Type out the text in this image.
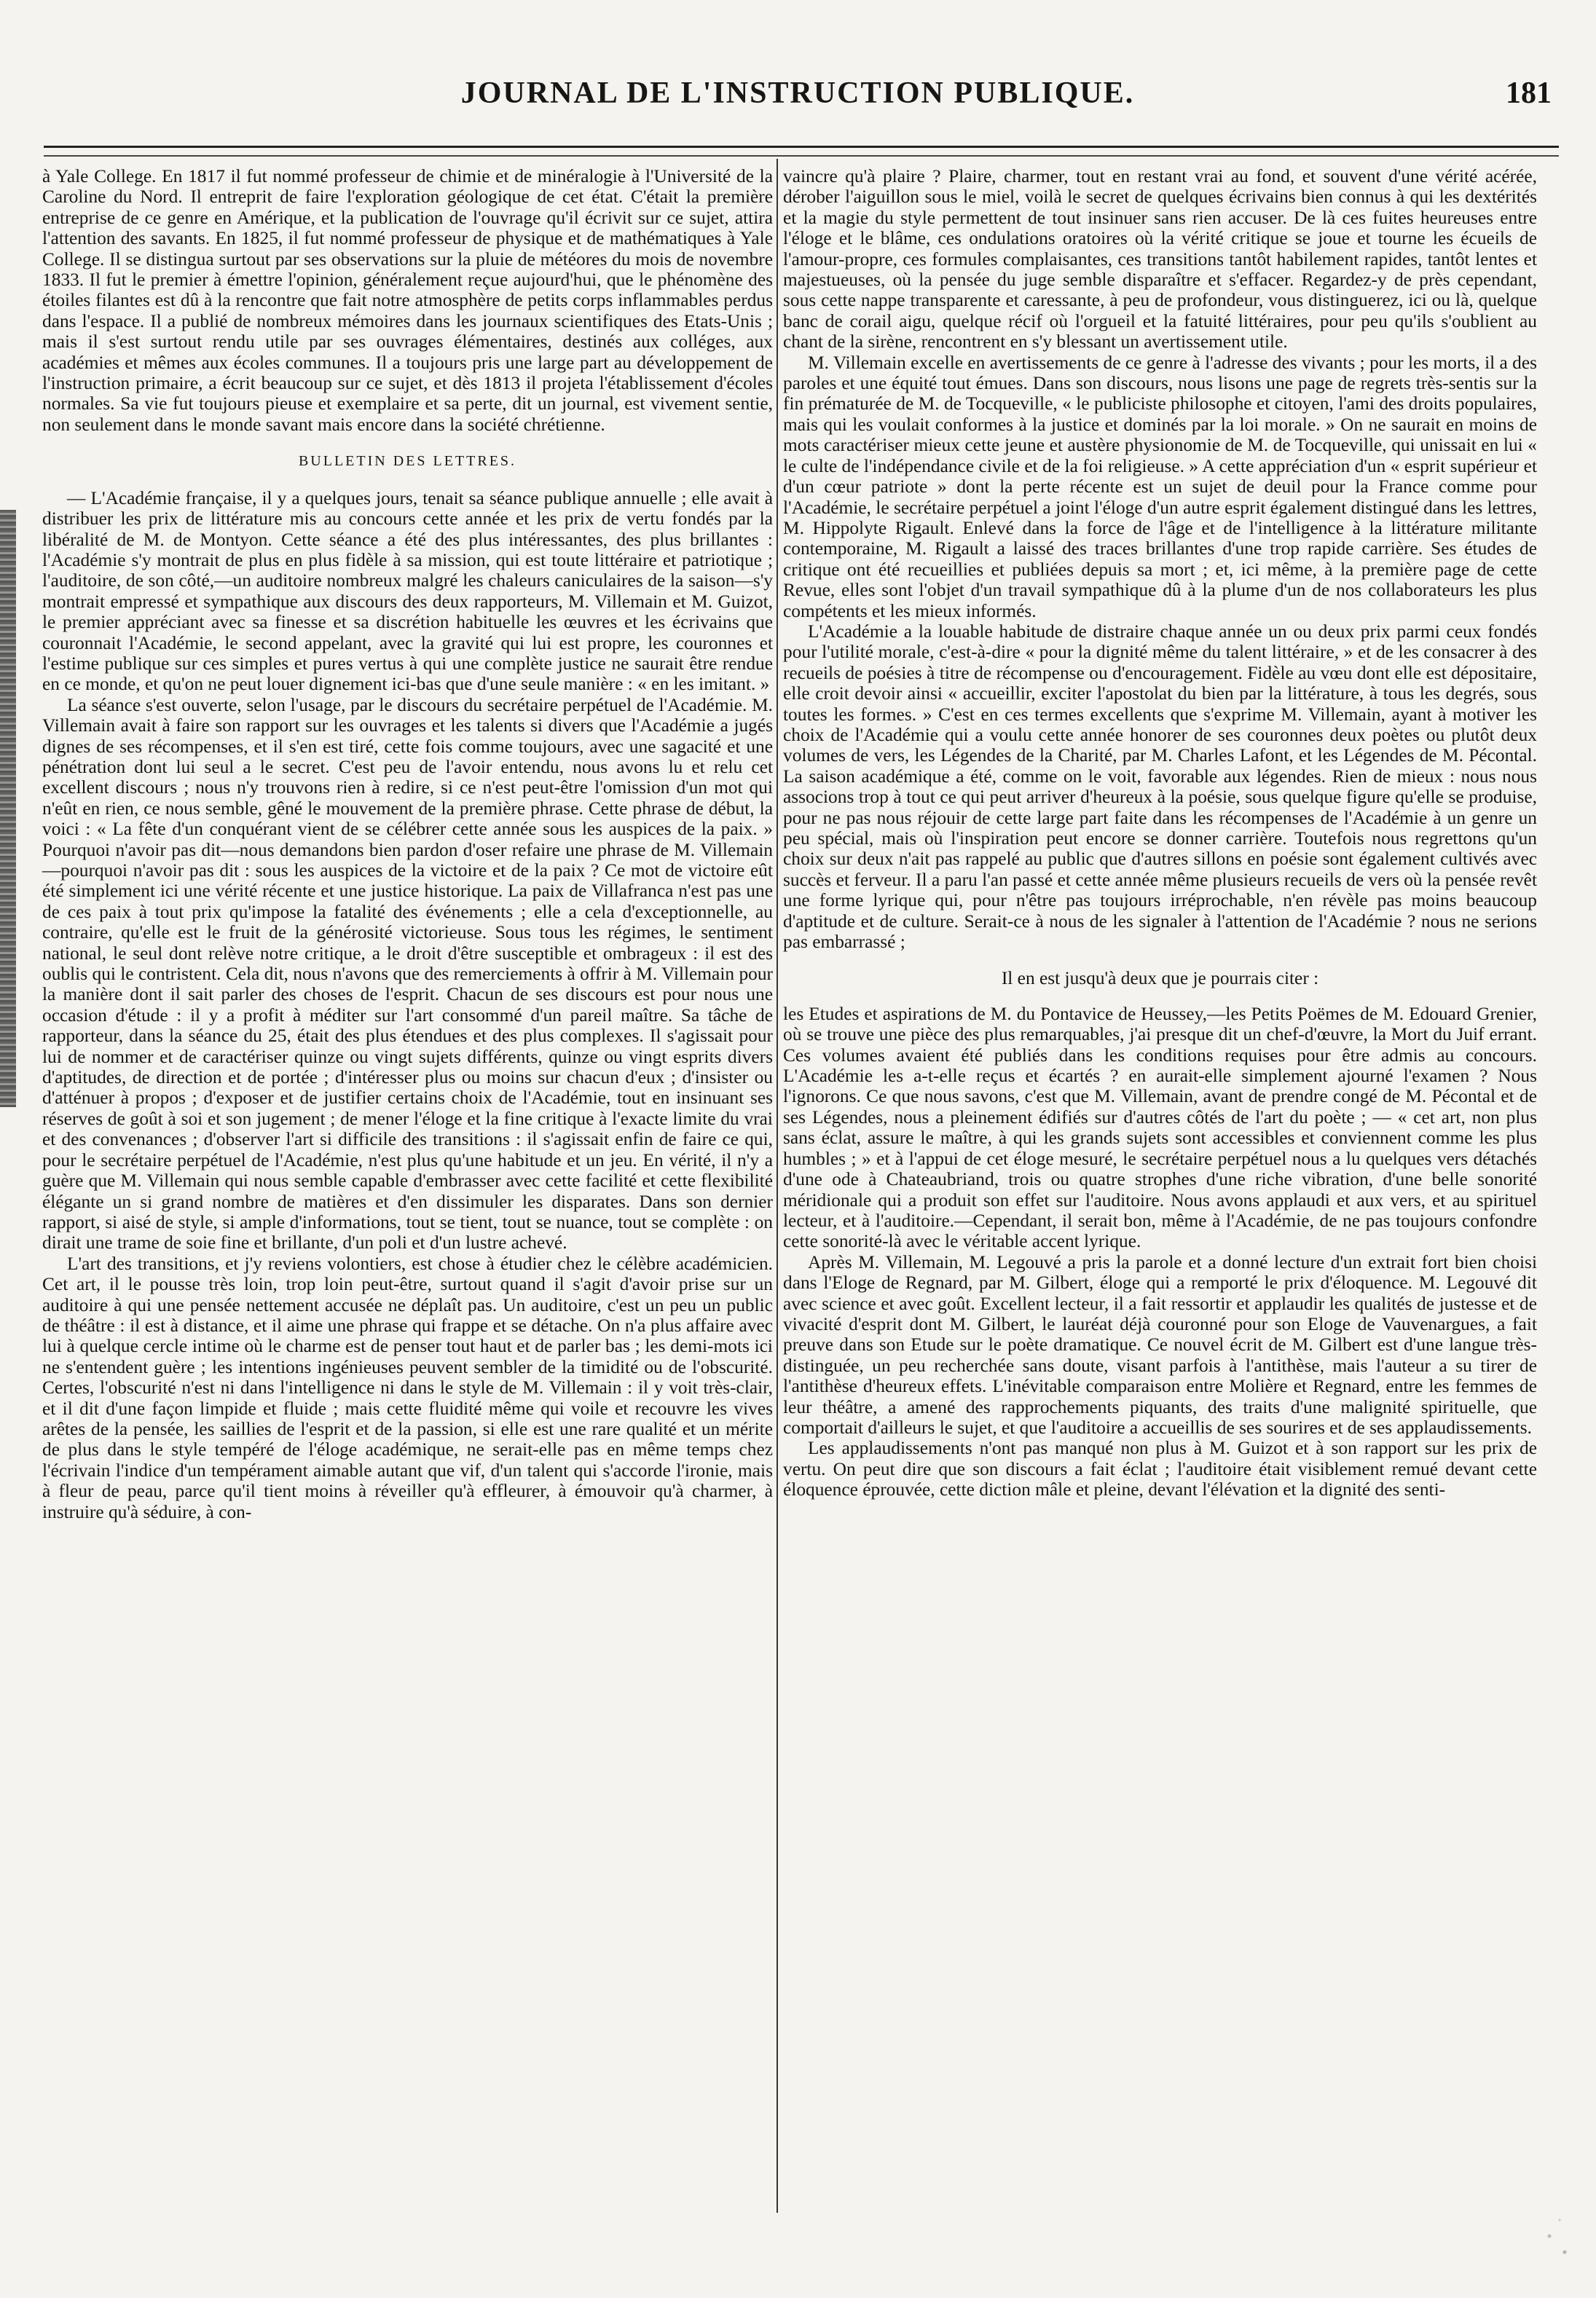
JOURNAL DE L'INSTRUCTION PUBLIQUE.	181

à Yale College. En 1817 il fut nommé professeur de chimie et de minéralogie à l'Université de la Caroline du Nord. Il entreprit de faire l'exploration géologique de cet état. C'était la première entreprise de ce genre en Amérique, et la publication de l'ouvrage qu'il écrivit sur ce sujet, attira l'attention des savants. En 1825, il fut nommé professeur de physique et de mathématiques à Yale College. Il se distingua surtout par ses observations sur la pluie de météores du mois de novembre 1833. Il fut le premier à émettre l'opinion, généralement reçue aujourd'hui, que le phénomène des étoiles filantes est dû à la rencontre que fait notre atmosphère de petits corps inflammables perdus dans l'espace. Il a publié de nombreux mémoires dans les journaux scientifiques des Etats-Unis ; mais il s'est surtout rendu utile par ses ouvrages élémentaires, destinés aux colléges, aux académies et mêmes aux écoles communes. Il a toujours pris une large part au développement de l'instruction primaire, a écrit beaucoup sur ce sujet, et dès 1813 il projeta l'établissement d'écoles normales. Sa vie fut toujours pieuse et exemplaire et sa perte, dit un journal, est vivement sentie, non seulement dans le monde savant mais encore dans la société chrétienne.

BULLETIN DES LETTRES.

— L'Académie française, il y a quelques jours, tenait sa séance publique annuelle ; elle avait à distribuer les prix de littérature mis au concours cette année et les prix de vertu fondés par la libéralité de M. de Montyon. Cette séance a été des plus intéressantes, des plus brillantes : l'Académie s'y montrait de plus en plus fidèle à sa mission, qui est toute littéraire et patriotique ; l'auditoire, de son côté,—un auditoire nombreux malgré les chaleurs caniculaires de la saison—s'y montrait empressé et sympathique aux discours des deux rapporteurs, M. Villemain et M. Guizot, le premier appréciant avec sa finesse et sa discrétion habituelle les œuvres et les écrivains que couronnait l'Académie, le second appelant, avec la gravité qui lui est propre, les couronnes et l'estime publique sur ces simples et pures vertus à qui une complète justice ne saurait être rendue en ce monde, et qu'on ne peut louer dignement ici-bas que d'une seule manière : « en les imitant. »

La séance s'est ouverte, selon l'usage, par le discours du secrétaire perpétuel de l'Académie. M. Villemain avait à faire son rapport sur les ouvrages et les talents si divers que l'Académie a jugés dignes de ses récompenses, et il s'en est tiré, cette fois comme toujours, avec une sagacité et une pénétration dont lui seul a le secret. C'est peu de l'avoir entendu, nous avons lu et relu cet excellent discours ; nous n'y trouvons rien à redire, si ce n'est peut-être l'omission d'un mot qui n'eût en rien, ce nous semble, gêné le mouvement de la première phrase. Cette phrase de début, la voici : « La fête d'un conquérant vient de se célébrer cette année sous les auspices de la paix. » Pourquoi n'avoir pas dit—nous demandons bien pardon d'oser refaire une phrase de M. Villemain—pourquoi n'avoir pas dit : sous les auspices de la victoire et de la paix ? Ce mot de victoire eût été simplement ici une vérité récente et une justice historique. La paix de Villafranca n'est pas une de ces paix à tout prix qu'impose la fatalité des événements ; elle a cela d'exceptionnelle, au contraire, qu'elle est le fruit de la générosité victorieuse. Sous tous les régimes, le sentiment national, le seul dont relève notre critique, a le droit d'être susceptible et ombrageux : il est des oublis qui le contristent. Cela dit, nous n'avons que des remerciements à offrir à M. Villemain pour la manière dont il sait parler des choses de l'esprit. Chacun de ses discours est pour nous une occasion d'étude : il y a profit à méditer sur l'art consommé d'un pareil maître. Sa tâche de rapporteur, dans la séance du 25, était des plus étendues et des plus complexes. Il s'agissait pour lui de nommer et de caractériser quinze ou vingt sujets différents, quinze ou vingt esprits divers d'aptitudes, de direction et de portée ; d'intéresser plus ou moins sur chacun d'eux ; d'insister ou d'atténuer à propos ; d'exposer et de justifier certains choix de l'Académie, tout en insinuant ses réserves de goût à soi et son jugement ; de mener l'éloge et la fine critique à l'exacte limite du vrai et des convenances ; d'observer l'art si difficile des transitions : il s'agissait enfin de faire ce qui, pour le secrétaire perpétuel de l'Académie, n'est plus qu'une habitude et un jeu. En vérité, il n'y a guère que M. Villemain qui nous semble capable d'embrasser avec cette facilité et cette flexibilité élégante un si grand nombre de matières et d'en dissimuler les disparates. Dans son dernier rapport, si aisé de style, si ample d'informations, tout se tient, tout se nuance, tout se complète : on dirait une trame de soie fine et brillante, d'un poli et d'un lustre achevé.

L'art des transitions, et j'y reviens volontiers, est chose à étudier chez le célèbre académicien. Cet art, il le pousse très loin, trop loin peut-être, surtout quand il s'agit d'avoir prise sur un auditoire à qui une pensée nettement accusée ne déplaît pas. Un auditoire, c'est un peu un public de théâtre : il est à distance, et il aime une phrase qui frappe et se détache. On n'a plus affaire avec lui à quelque cercle intime où le charme est de penser tout haut et de parler bas ; les demi-mots ici ne s'entendent guère ; les intentions ingénieuses peuvent sembler de la timidité ou de l'obscurité. Certes, l'obscurité n'est ni dans l'intelligence ni dans le style de M. Villemain : il y voit très-clair, et il dit d'une façon limpide et fluide ; mais cette fluidité même qui voile et recouvre les vives arêtes de la pensée, les saillies de l'esprit et de la passion, si elle est une rare qualité et un mérite de plus dans le style tempéré de l'éloge académique, ne serait-elle pas en même temps chez l'écrivain l'indice d'un tempérament aimable autant que vif, d'un talent qui s'accorde l'ironie, mais à fleur de peau, parce qu'il tient moins à réveiller qu'à effleurer, à émouvoir qu'à charmer, à instruire qu'à séduire, à con-

vaincre qu'à plaire ? Plaire, charmer, tout en restant vrai au fond, et souvent d'une vérité acérée, dérober l'aiguillon sous le miel, voilà le secret de quelques écrivains bien connus à qui les dextérités et la magie du style permettent de tout insinuer sans rien accuser. De là ces fuites heureuses entre l'éloge et le blâme, ces ondulations oratoires où la vérité critique se joue et tourne les écueils de l'amour-propre, ces formules complaisantes, ces transitions tantôt habilement rapides, tantôt lentes et majestueuses, où la pensée du juge semble disparaître et s'effacer. Regardez-y de près cependant, sous cette nappe transparente et caressante, à peu de profondeur, vous distinguerez, ici ou là, quelque banc de corail aigu, quelque récif où l'orgueil et la fatuité littéraires, pour peu qu'ils s'oublient au chant de la sirène, rencontrent en s'y blessant un avertissement utile.

M. Villemain excelle en avertissements de ce genre à l'adresse des vivants ; pour les morts, il a des paroles et une équité tout émues. Dans son discours, nous lisons une page de regrets très-sentis sur la fin prématurée de M. de Tocqueville, « le publiciste philosophe et citoyen, l'ami des droits populaires, mais qui les voulait conformes à la justice et dominés par la loi morale. » On ne saurait en moins de mots caractériser mieux cette jeune et austère physionomie de M. de Tocqueville, qui unissait en lui « le culte de l'indépendance civile et de la foi religieuse. » A cette appréciation d'un « esprit supérieur et d'un cœur patriote » dont la perte récente est un sujet de deuil pour la France comme pour l'Académie, le secrétaire perpétuel a joint l'éloge d'un autre esprit également distingué dans les lettres, M. Hippolyte Rigault. Enlevé dans la force de l'âge et de l'intelligence à la littérature militante contemporaine, M. Rigault a laissé des traces brillantes d'une trop rapide carrière. Ses études de critique ont été recueillies et publiées depuis sa mort ; et, ici même, à la première page de cette Revue, elles sont l'objet d'un travail sympathique dû à la plume d'un de nos collaborateurs les plus compétents et les mieux informés.

L'Académie a la louable habitude de distraire chaque année un ou deux prix parmi ceux fondés pour l'utilité morale, c'est-à-dire « pour la dignité même du talent littéraire, » et de les consacrer à des recueils de poésies à titre de récompense ou d'encouragement. Fidèle au vœu dont elle est dépositaire, elle croit devoir ainsi « accueillir, exciter l'apostolat du bien par la littérature, à tous les degrés, sous toutes les formes. » C'est en ces termes excellents que s'exprime M. Villemain, ayant à motiver les choix de l'Académie qui a voulu cette année honorer de ses couronnes deux poètes ou plutôt deux volumes de vers, les Légendes de la Charité, par M. Charles Lafont, et les Légendes de M. Pécontal. La saison académique a été, comme on le voit, favorable aux légendes. Rien de mieux : nous nous associons trop à tout ce qui peut arriver d'heureux à la poésie, sous quelque figure qu'elle se produise, pour ne pas nous réjouir de cette large part faite dans les récompenses de l'Académie à un genre un peu spécial, mais où l'inspiration peut encore se donner carrière. Toutefois nous regrettons qu'un choix sur deux n'ait pas rappelé au public que d'autres sillons en poésie sont également cultivés avec succès et ferveur. Il a paru l'an passé et cette année même plusieurs recueils de vers où la pensée revêt une forme lyrique qui, pour n'être pas toujours irréprochable, n'en révèle pas moins beaucoup d'aptitude et de culture. Serait-ce à nous de les signaler à l'attention de l'Académie ? nous ne serions pas embarrassé ;

Il en est jusqu'à deux que je pourrais citer :

les Etudes et aspirations de M. du Pontavice de Heussey,—les Petits Poëmes de M. Edouard Grenier, où se trouve une pièce des plus remarquables, j'ai presque dit un chef-d'œuvre, la Mort du Juif errant. Ces volumes avaient été publiés dans les conditions requises pour être admis au concours. L'Académie les a-t-elle reçus et écartés ? en aurait-elle simplement ajourné l'examen ? Nous l'ignorons. Ce que nous savons, c'est que M. Villemain, avant de prendre congé de M. Pécontal et de ses Légendes, nous a pleinement édifiés sur d'autres côtés de l'art du poète ; — « cet art, non plus sans éclat, assure le maître, à qui les grands sujets sont accessibles et conviennent comme les plus humbles ; » et à l'appui de cet éloge mesuré, le secrétaire perpétuel nous a lu quelques vers détachés d'une ode à Chateaubriand, trois ou quatre strophes d'une riche vibration, d'une belle sonorité méridionale qui a produit son effet sur l'auditoire. Nous avons applaudi et aux vers, et au spirituel lecteur, et à l'auditoire.—Cependant, il serait bon, même à l'Académie, de ne pas toujours confondre cette sonorité-là avec le véritable accent lyrique.

Après M. Villemain, M. Legouvé a pris la parole et a donné lecture d'un extrait fort bien choisi dans l'Eloge de Regnard, par M. Gilbert, éloge qui a remporté le prix d'éloquence. M. Legouvé dit avec science et avec goût. Excellent lecteur, il a fait ressortir et applaudir les qualités de justesse et de vivacité d'esprit dont M. Gilbert, le lauréat déjà couronné pour son Eloge de Vauvenargues, a fait preuve dans son Etude sur le poète dramatique. Ce nouvel écrit de M. Gilbert est d'une langue très-distinguée, un peu recherchée sans doute, visant parfois à l'antithèse, mais l'auteur a su tirer de l'antithèse d'heureux effets. L'inévitable comparaison entre Molière et Regnard, entre les femmes de leur théâtre, a amené des rapprochements piquants, des traits d'une malignité spirituelle, que comportait d'ailleurs le sujet, et que l'auditoire a accueillis de ses sourires et de ses applaudissements.

Les applaudissements n'ont pas manqué non plus à M. Guizot et à son rapport sur les prix de vertu. On peut dire que son discours a fait éclat ; l'auditoire était visiblement remué devant cette éloquence éprouvée, cette diction mâle et pleine, devant l'élévation et la dignité des senti-
